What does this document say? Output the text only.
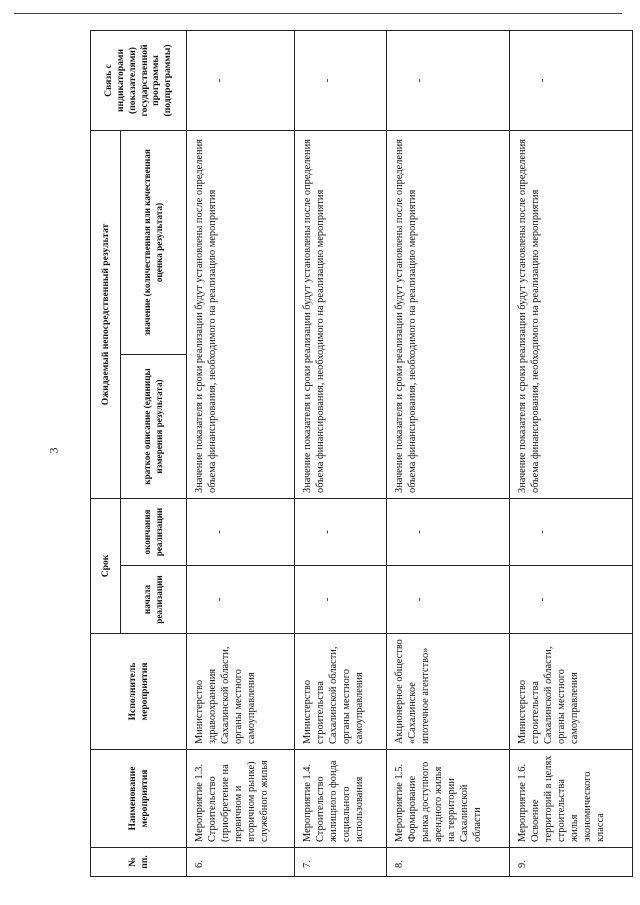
3
№ пп.	Наименование мероприятия	Исполнитель мероприятия	Срок		Ожидаемый непосредственный результат		Связь с индикаторами (показателями) государственной программы (подпрограммы)
			начала реализации	окончания реализации	краткое описание (единицы измерения результата)	значение (количественная или качественная оценка результата)	
6.	Мероприятие 1.3. Строительство (приобретение на первичном и вторичном рынке) служебного жилья	Министерство здравоохранения Сахалинской области, органы местного самоуправления	-	-	Значение показателя и сроки реализации будут установлены после определения объема финансирования, необходимого на реализацию мероприятия		-
7.	Мероприятие 1.4. Строительство жилищного фонда социального использования	Министерство строительства Сахалинской области, органы местного самоуправления	-	-	Значение показателя и сроки реализации будут установлены после определения объема финансирования, необходимого на реализацию мероприятия		-
8.	Мероприятие 1.5. Формирование рынка доступного арендного жилья на территории Сахалинской области	Акционерное общество «Сахалинское ипотечное агентство»	-	-	Значение показателя и сроки реализации будут установлены после определения объема финансирования, необходимого на реализацию мероприятия		-
9.	Мероприятие 1.6. Освоение территорий в целях строительства жилья экономического класса	Министерство строительства Сахалинской области, органы местного самоуправления	-	-	Значение показателя и сроки реализации будут установлены после определения объема финансирования, необходимого на реализацию мероприятия		-
